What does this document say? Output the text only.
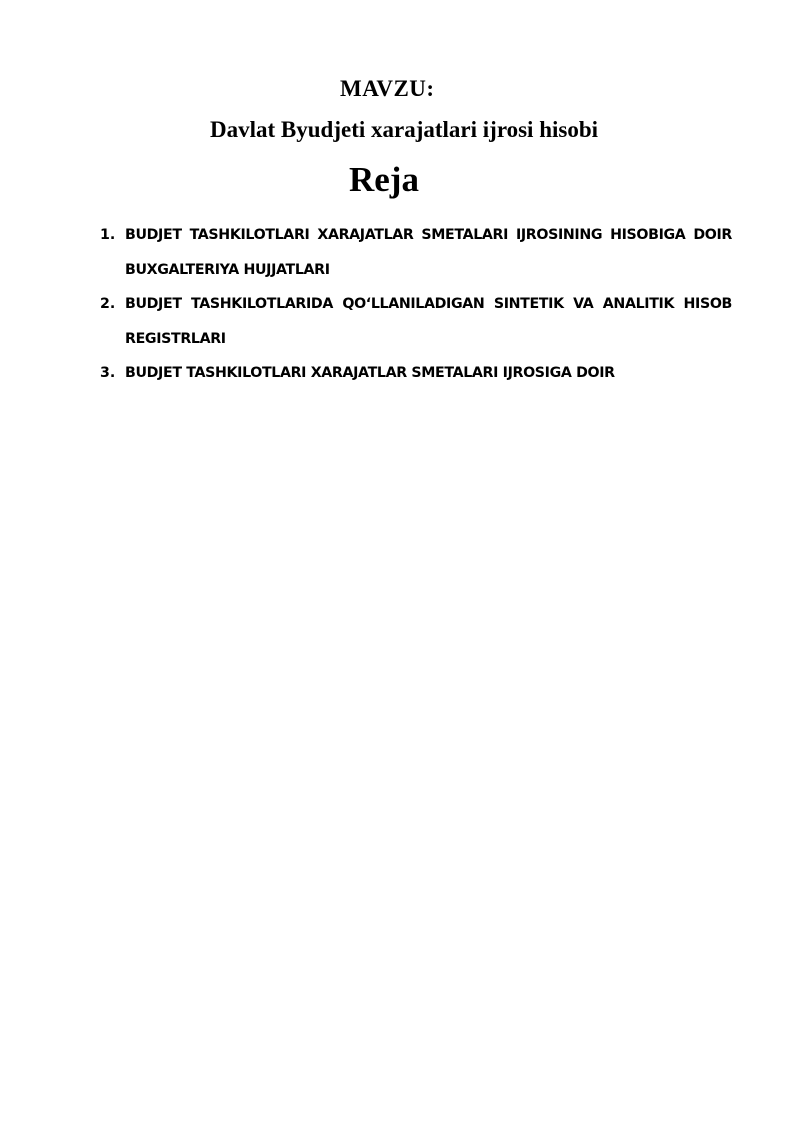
MAVZU:
Davlat Byudjeti xarajatlari ijrosi hisobi
Reja
1. BUDJET TASHKILOTLARI XARAJATLAR SMETALARI IJROSINING HISOBIGA DOIR BUXGALTERIYA HUJJATLARI
2. BUDJET TASHKILOTLARIDA QO‘LLANILADIGAN SINTETIK VA ANALITIK HISOB REGISTRLARI
3. BUDJET TASHKILOTLARI XARAJATLAR SMETALARI IJROSIGA DOIR
